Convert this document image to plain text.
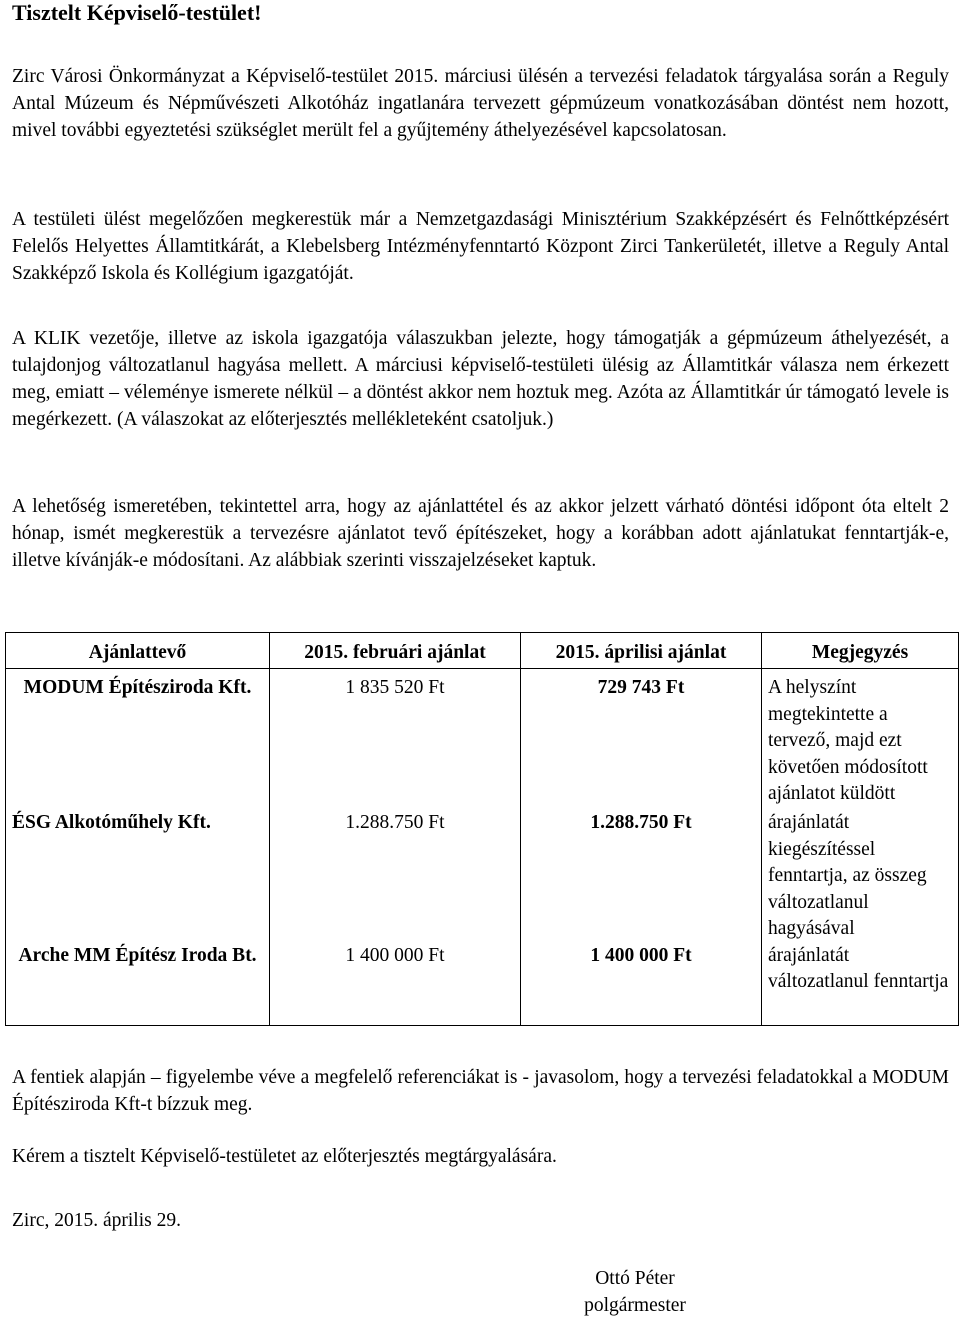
Tisztelt Képviselő-testület!

Zirc Városi Önkormányzat a Képviselő-testület 2015. márciusi ülésén a tervezési feladatok tárgyalása során a Reguly Antal Múzeum és Népművészeti Alkotóház ingatlanára tervezett gépmúzeum vonatkozásában döntést nem hozott, mivel további egyeztetési szükséglet merült fel a gyűjtemény áthelyezésével kapcsolatosan.

A testületi ülést megelőzően megkerestük már a Nemzetgazdasági Minisztérium Szakképzésért és Felnőttképzésért Felelős Helyettes Államtitkárát, a Klebelsberg Intézményfenntartó Központ Zirci Tankerületét, illetve a Reguly Antal Szakképző Iskola és Kollégium igazgatóját.

A KLIK vezetője, illetve az iskola igazgatója válaszukban jelezte, hogy támogatják a gépmúzeum áthelyezését, a tulajdonjog változatlanul hagyása mellett. A márciusi képviselő-testületi ülésig az Államtitkár válasza nem érkezett meg, emiatt – véleménye ismerete nélkül – a döntést akkor nem hoztuk meg. Azóta az Államtitkár úr támogató levele is megérkezett. (A válaszokat az előterjesztés mellékleteként csatoljuk.)

A lehetőség ismeretében, tekintettel arra, hogy az ajánlattétel és az akkor jelzett várható döntési időpont óta eltelt 2 hónap, ismét megkerestük a tervezésre ajánlatot tevő építészeket, hogy a korábban adott ajánlatukat fenntartják-e, illetve kívánják-e módosítani. Az alábbiak szerinti visszajelzéseket kaptuk.

Ajánlattevő	2015. februári ajánlat	2015. áprilisi ajánlat	Megjegyzés
MODUM Építésziroda Kft.	1 835 520 Ft	729 743 Ft	A helyszínt megtekintette a tervező, majd ezt követően módosított ajánlatot küldött

ÉSG Alkotóműhely Kft.	1.288.750 Ft	1.288.750 Ft	árajánlatát kiegészítéssel fenntartja, az összeg változatlanul hagyásával

Arche MM Építész Iroda Bt.	1 400 000 Ft	1 400 000 Ft	árajánlatát változatlanul fenntartja

A fentiek alapján – figyelembe véve a megfelelő referenciákat is - javasolom, hogy a tervezési feladatokkal a MODUM Építésziroda Kft-t bízzuk meg.

Kérem a tisztelt Képviselő-testületet az előterjesztés megtárgyalására.

Zirc, 2015. április 29.

Ottó Péter
polgármester
